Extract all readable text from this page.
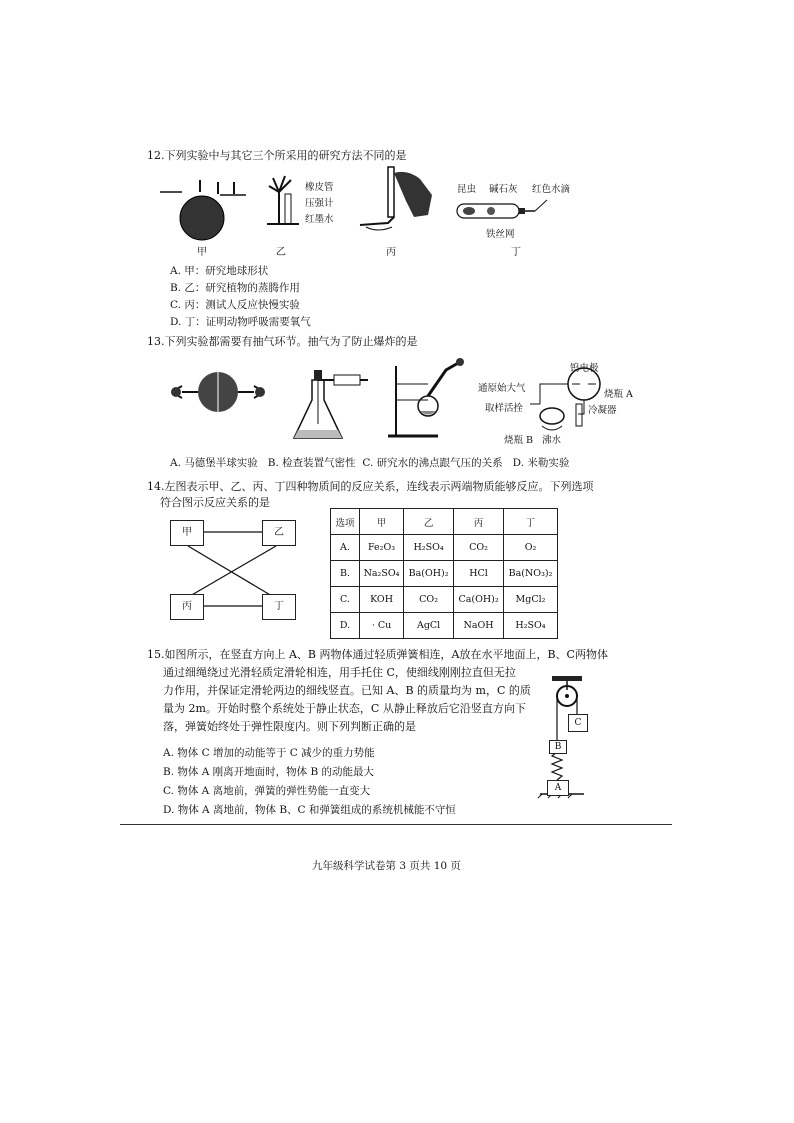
12.下列实验中与其它三个所采用的研究方法不同的是
甲
橡皮管
压强计
红墨水
乙	丙
昆虫 碱石灰 红色水滴
铁丝网
丁
A. 甲：研究地球形状
B. 乙：研究植物的蒸腾作用
C. 丙：测试人反应快慢实验
D. 丁：证明动物呼吸需要氧气
13.下列实验都需要有抽气环节。抽气为了防止爆炸的是
钨电极
烧瓶 A
通原始大气
取样活拴	冷凝器
烧瓶 B 沸水
A. 马德堡半球实验   B. 检查装置气密性  C. 研究水的沸点跟气压的关系   D. 米勒实验
14.左图表示甲、乙、丙、丁四种物质间的反应关系，连线表示两端物质能够反应。下列选项
符合图示反应关系的是
甲	乙
丙	丁
选项	甲	乙	丙	丁
A.	Fe₂O₃	H₂SO₄	CO₂	O₂
B.	Na₂SO₄	Ba(OH)₂	HCl	Ba(NO₃)₂
C.	KOH	CO₂	Ca(OH)₂	MgCl₂
D.	· Cu	AgCl	NaOH	H₂SO₄
15.如图所示，在竖直方向上 A、B 两物体通过轻质弹簧相连，A放在水平地面上，B、C两物体
通过细绳绕过光滑轻质定滑轮相连，用手托住 C，使细线刚刚拉直但无拉
力作用，并保证定滑轮两边的细线竖直。已知 A、B 的质量均为 m，C 的质
量为 2m。开始时整个系统处于静止状态，C 从静止释放后它沿竖直方向下
落，弹簧始终处于弹性限度内。则下列判断正确的是
A. 物体 C 增加的动能等于 C 减少的重力势能
B. 物体 A 刚离开地面时，物体 B 的动能最大
C. 物体 A 离地前，弹簧的弹性势能一直变大
D. 物体 A 离地前，物体 B、C 和弹簧组成的系统机械能不守恒
C
B
A
九年级科学试卷第 3 页共 10 页
